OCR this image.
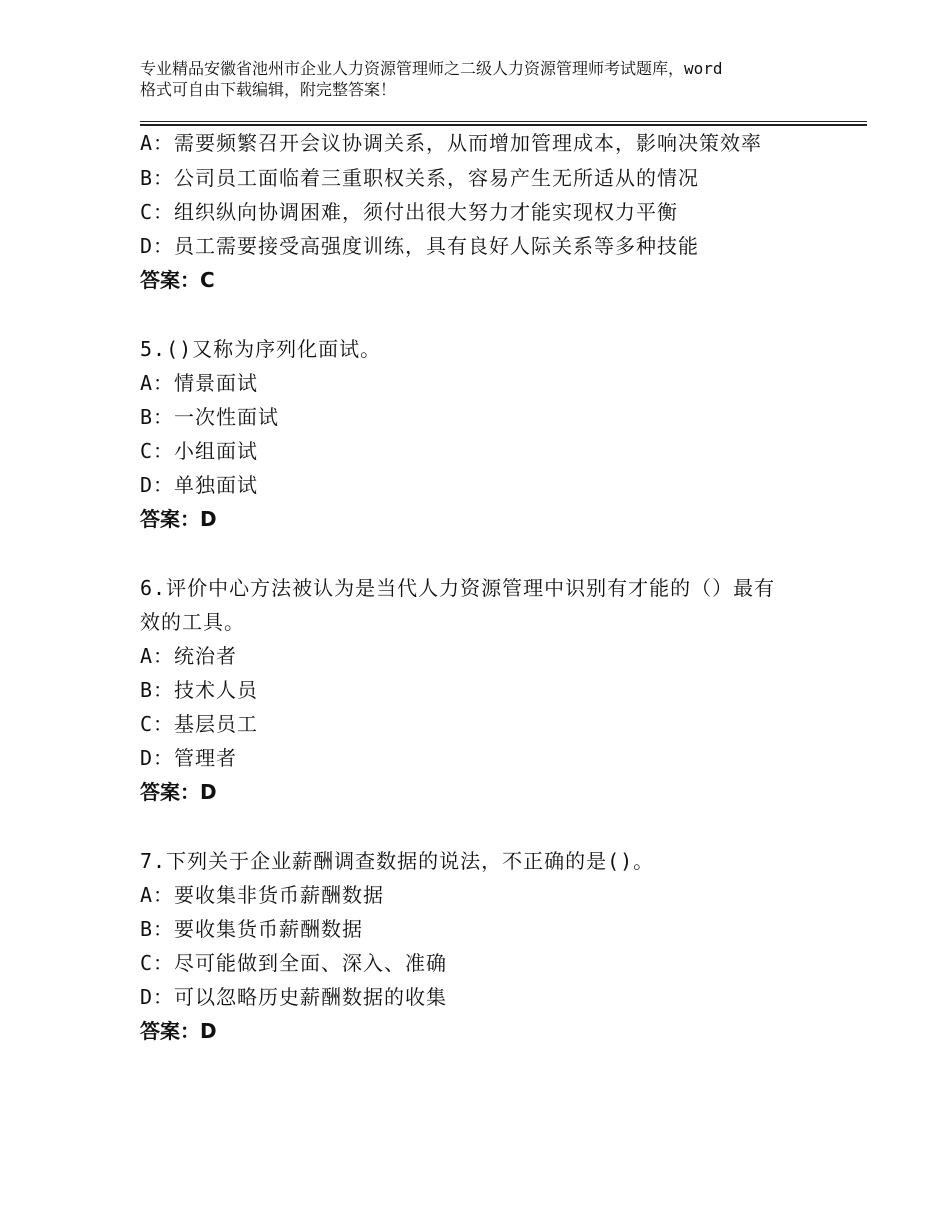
专业精品安徽省池州市企业人力资源管理师之二级人力资源管理师考试题库，word
格式可自由下载编辑，附完整答案！
A：需要频繁召开会议协调关系，从而增加管理成本，影响决策效率
B：公司员工面临着三重职权关系，容易产生无所适从的情况
C：组织纵向协调困难，须付出很大努力才能实现权力平衡
D：员工需要接受高强度训练，具有良好人际关系等多种技能
答案：C
5.()又称为序列化面试。
A：情景面试
B：一次性面试
C：小组面试
D：单独面试
答案：D
6.评价中心方法被认为是当代人力资源管理中识别有才能的（）最有
效的工具。
A：统治者
B：技术人员
C：基层员工
D：管理者
答案：D
7.下列关于企业薪酬调查数据的说法，不正确的是()。
A：要收集非货币薪酬数据
B：要收集货币薪酬数据
C：尽可能做到全面、深入、准确
D：可以忽略历史薪酬数据的收集
答案：D
